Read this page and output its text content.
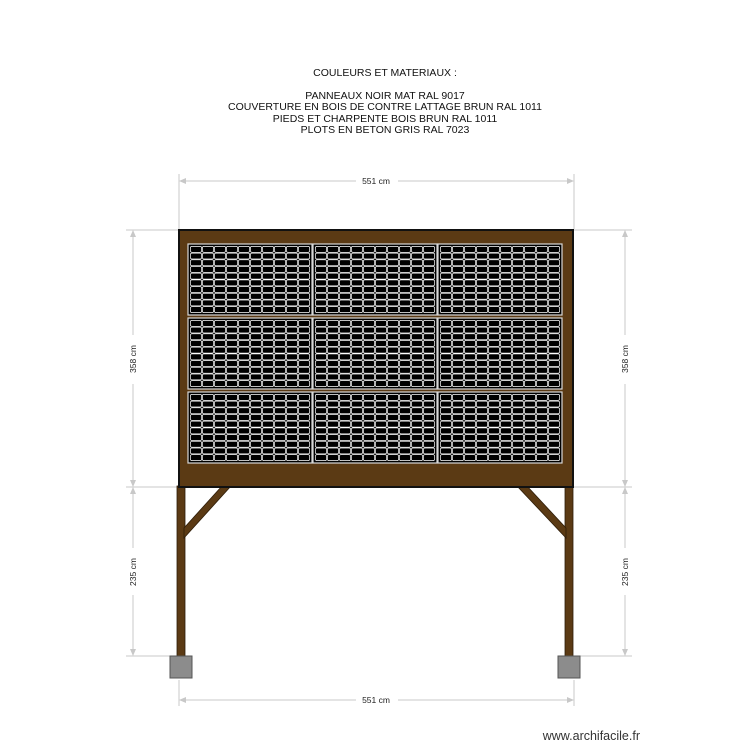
COULEURS ET MATERIAUX :
PANNEAUX NOIR MAT RAL 9017
COUVERTURE EN BOIS DE CONTRE LATTAGE BRUN RAL 1011
PIEDS ET CHARPENTE BOIS BRUN RAL 1011
PLOTS EN BETON GRIS RAL 7023
551 cm
551 cm
358 cm
235 cm
358 cm
235 cm
www.archifacile.fr
